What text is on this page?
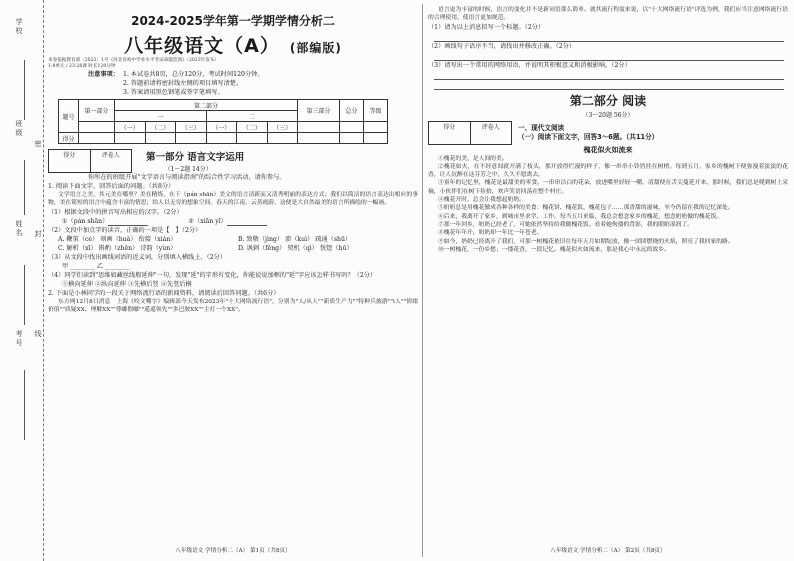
学校
班级
姓名
考号
密
封
线
2024-2025学年第一学期学情分析二
八年级语文（A） (部编版)
本卷依据教育部〔2023〕1号《河北省初中学业水平考试命题范围》（2023年发布）
1-8单元 / 23-28课 时长120分钟
注意事项： 1. 本试卷共8页，总分120分，考试时间120分钟。
2. 答题前请将密封线左侧的项目填写清楚。
3. 答案请用黑色钢笔或签字笔填写。
题号	第一部分	第二部分						第三部分	总分	等级
		一			二					
		（一）	（二）	（三）	（一）	（二）	（三）			
得分										
得分	评卷人	第一部分 语言文字运用
（1～2题 14分）
你所在的班级开展"文学语言与阅读指南"的综合性学习活动，请你参与。
1. 阅读下面文字，回答后面的问题。（共8分）
文学语言之美，其元美在哪里？美在精炼，在于（pán shān）美文的语言清新而又清秀明丽的表达方式；我们以简洁的语言表达出相应的事物，美在简短的语言中蕴含丰富的情思；给人以无穷的想象空间。春天的江南，云蒸霞蔚，这便是大自然最美的语言所描绘的一幅画。
（1）根据文段中的拼音写出相应的汉字。（2分）
①（pán shān）	②（xiān yǐ）
（2）文段中加点字的读音，正确的一项是【　】（2分）
A. 鞭策（cè） 刻画（huà） 衔接（xián）	B. 致敬（jìng） 溃（kuì） 疏通（shū）
C. 解析（xī） 斟酌（zhēn） 诗韵（yùn）	D. 讽刺（fěng） 契机（qì） 恍惚（hū）
（3）从文段中找出画线词语的近义词，分别填入横线上。（2分）
甲 ________ 乙 ________
（4）同学们读到"思维如藏丝线般延伸"一句，发现"延"的字形有变化，你能说说加框的"延"字应该怎样书写吗？（2分）
①横向延伸 ②纵向延伸 ③先横后竖 ④先竖后横
2. 下面是小林同学的一段关于网络流行语的新闻资料，请阅读后回答问题。（共6分）
东方网12月8日消息　上海《咬文嚼字》编辑部今天发布2023年"十大网络流行语"，分别为"人/从人""新质生产力""特种兵旅游""i人""情绪价值""质疑XX、理解XX""尊嘟假嘟""遥遥领先""多巴胺XX""主打一个XX"。
八年级语文 学情分析二（A） 第1页（共8页）
语言更为丰富的时候，语言的变化并不是新词语那么简单。就其流行程度来说，以"十大网络流行语"评选为例，我们应当注意网络流行语的合理使用，使语言更加规范。
（1）请为以上消息拟写一个标题。（2分）
（2）画线句子语序不当，请找出并修改正确。（2分）
（3）请写出一个常用的网络用语，并说明其积极意义和消极影响。（2分）
第二部分 阅读
（3～20题 56分）
得分	评卷人	一、现代文阅读
（一）阅读下面文字，回答3～6题。（共11分）
槐花似火如流来
①槐花的美，是人间的美。
②槐花如火，在不经意间就开满了枝头，那开放得烂漫的样子，像一串串小铃铛挂在树梢。每到五月，家乡的槐树下便弥漫着淡淡的花香，让人沉醉在这芬芳之中，久久不愿离去。
③童年的记忆里，槐花是最甜美的零食。一串串洁白的花朵，放进嘴里轻轻一嚼，清甜便在舌尖蔓延开来。那时候，我们总是爬到树上采摘，小伙伴们在树下捡拾，欢声笑语回荡在整个村庄。
④槐花开时，总会让我想起奶奶。
⑤奶奶总是用槐花做成各种各样的美食：槐花饼、槐花饭、槐花包子……那香甜的滋味，至今仍留在我的记忆深处。
⑥后来，我离开了家乡，到城市里求学、工作。每当五月来临，我总会想念家乡的槐花，想念奶奶做的槐花饭。
⑦那一年回乡，奶奶已经老了，可她依然坚持给我做槐花饭。看着她佝偻的背影，我的眼眶湿润了。
⑧槐花年年开，奶奶却一年比一年苍老。
⑨如今，奶奶已经离开了我们，可那一树槐花依旧在每年五月如期绽放，像一团团燃烧的火焰，照亮了我回家的路。
⑩一树槐花，一份乡愁；一缕花香，一段记忆。槐花似火如流来，那是我心中永远的故乡。
八年级语文 学情分析二（A） 第2页（共8页）
